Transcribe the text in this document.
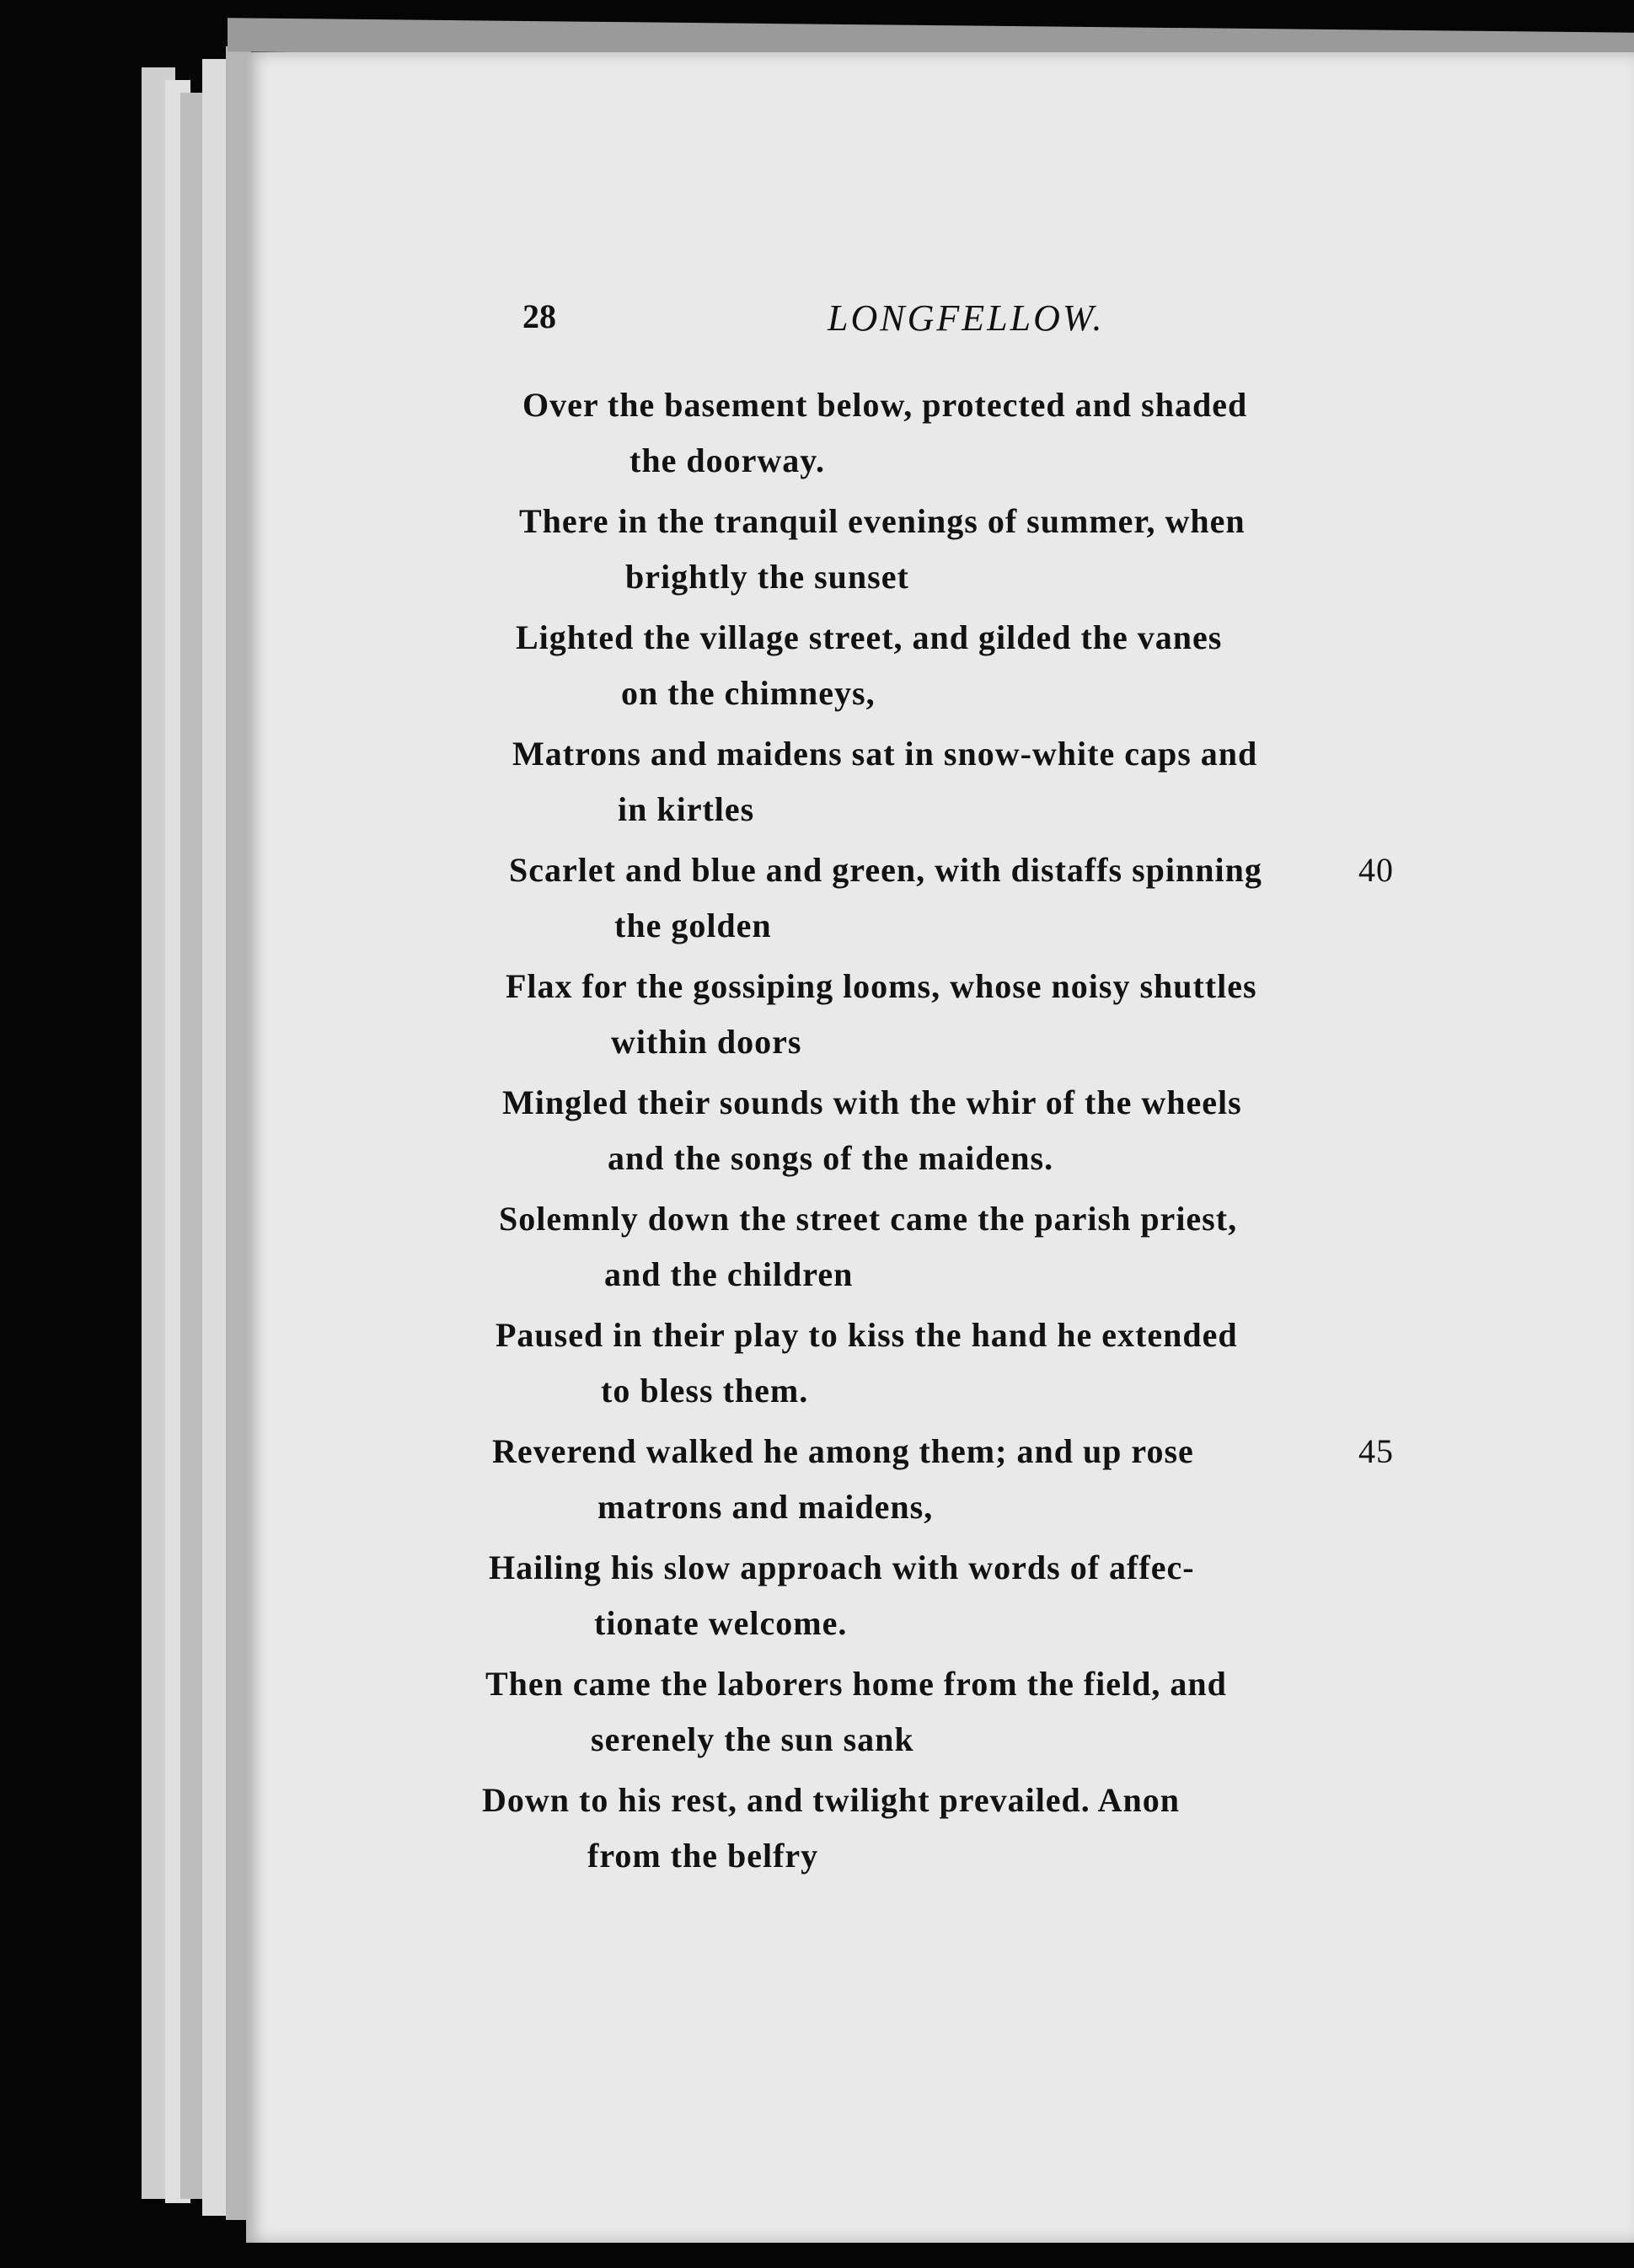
28	LONGFELLOW.
Over the basement below, protected and shaded
the doorway.
There in the tranquil evenings of summer, when
brightly the sunset
Lighted the village street, and gilded the vanes
on the chimneys,
Matrons and maidens sat in snow-white caps and
in kirtles
Scarlet and blue and green, with distaffs spinning
the golden
40
Flax for the gossiping looms, whose noisy shuttles
within doors
Mingled their sounds with the whir of the wheels
and the songs of the maidens.
Solemnly down the street came the parish priest,
and the children
Paused in their play to kiss the hand he extended
to bless them.
Reverend walked he among them; and up rose
matrons and maidens,
45
Hailing his slow approach with words of affec-
tionate welcome.
Then came the laborers home from the field, and
serenely the sun sank
Down to his rest, and twilight prevailed. Anon
from the belfry
